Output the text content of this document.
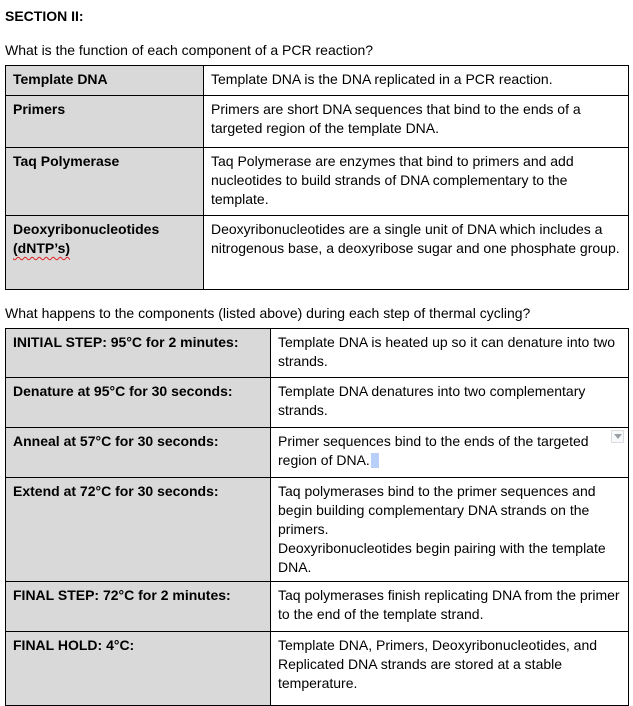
SECTION II:
What is the function of each component of a PCR reaction?
Template DNA	Template DNA is the DNA replicated in a PCR reaction.
Primers	Primers are short DNA sequences that bind to the ends of a targeted region of the template DNA.
Taq Polymerase	Taq Polymerase are enzymes that bind to primers and add nucleotides to build strands of DNA complementary to the template.

Deoxyribonucleotides
(dNTP’s)	Deoxyribonucleotides are a single unit of DNA which includes a nitrogenous base, a deoxyribose sugar and one phosphate group.
What happens to the components (listed above) during each step of thermal cycling?
INITIAL STEP: 95°C for 2 minutes:	Template DNA is heated up so it can denature into two strands.
Denature at 95°C for 30 seconds:	Template DNA denatures into two complementary strands.
Anneal at 57°C for 30 seconds:	Primer sequences bind to the ends of the targeted region of DNA.

Extend at 72°C for 30 seconds:	Taq polymerases bind to the primer sequences and begin building complementary DNA strands on the primers.
Deoxyribonucleotides begin pairing with the template DNA.

FINAL STEP: 72°C for 2 minutes:	Taq polymerases finish replicating DNA from the primer to the end of the template strand.
FINAL HOLD: 4°C:	Template DNA, Primers, Deoxyribonucleotides, and Replicated DNA strands are stored at a stable temperature.
